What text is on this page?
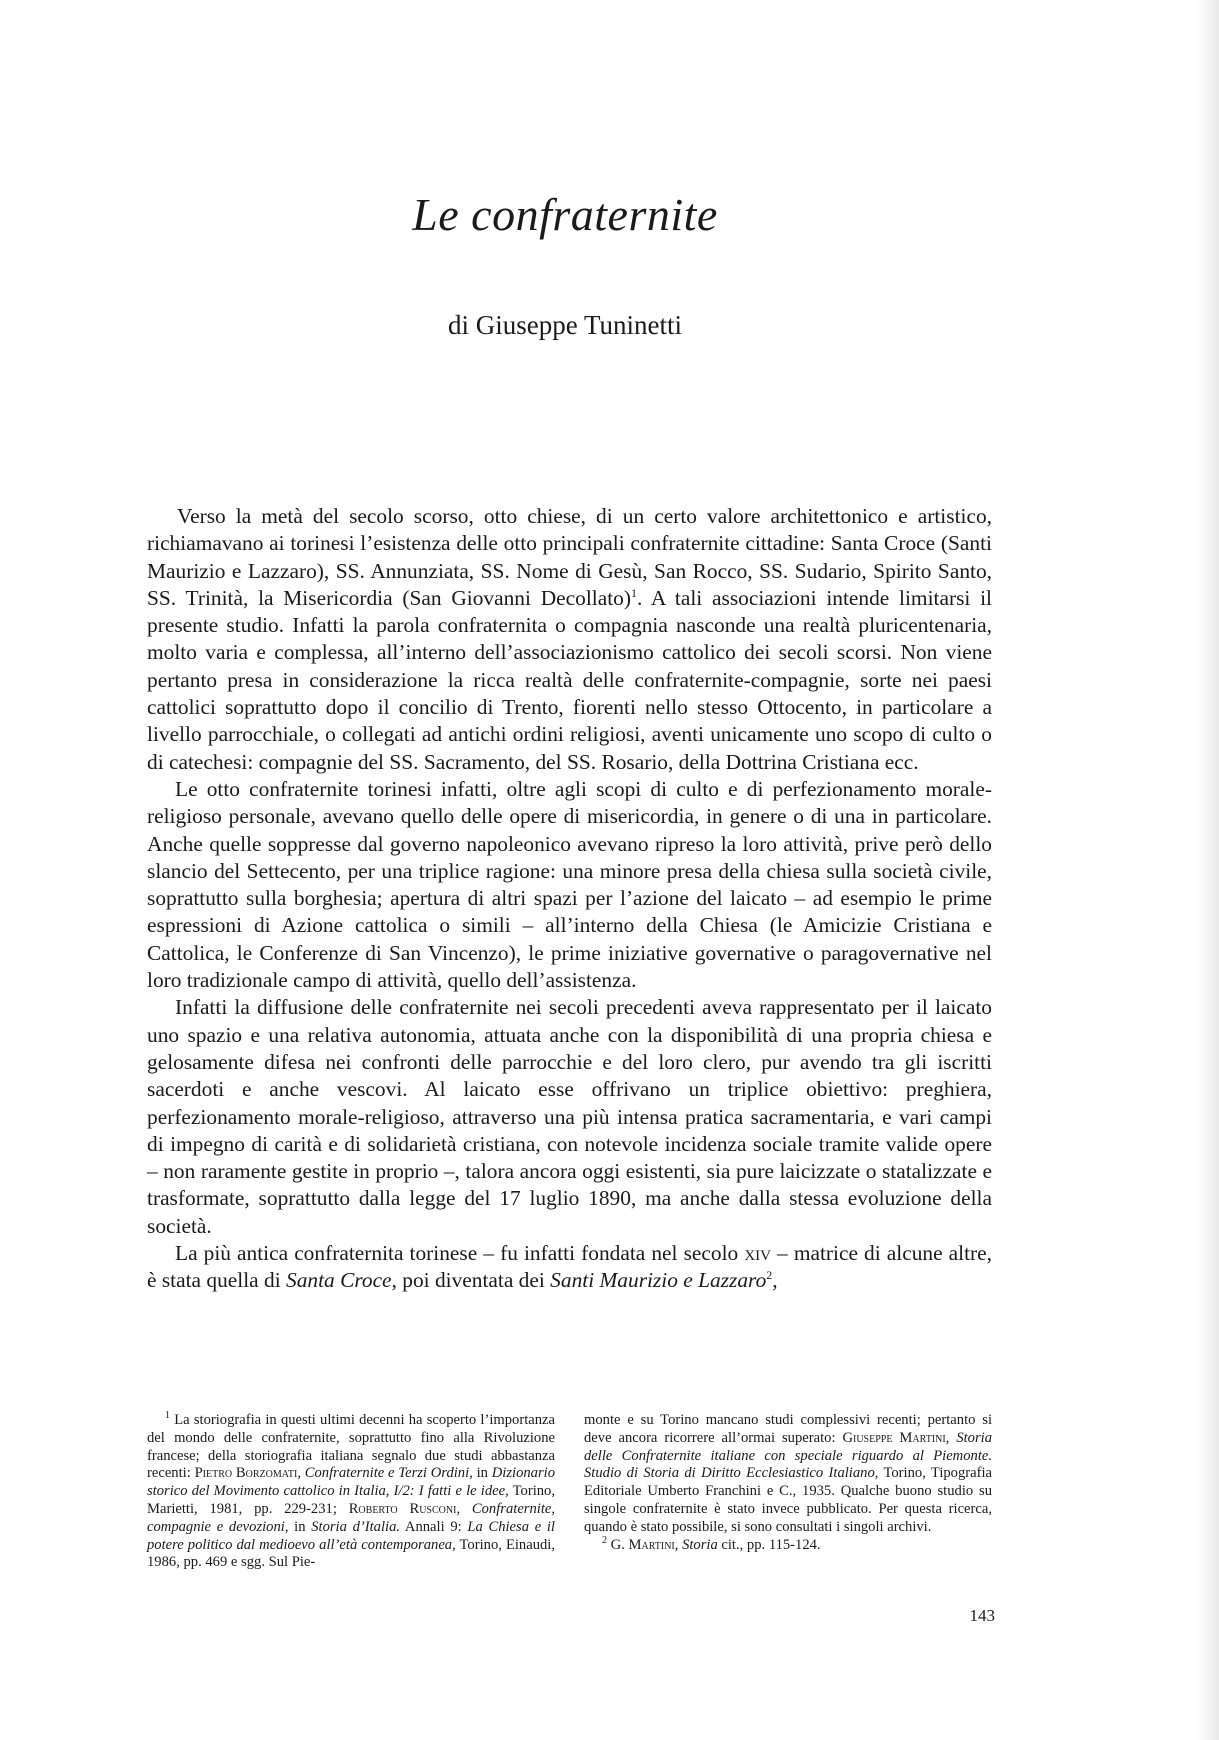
Le confraternite
di Giuseppe Tuninetti

Verso la metà del secolo scorso, otto chiese, di un certo valore architettonico e artistico, richiamavano ai torinesi l’esistenza delle otto principali confraternite cittadine: Santa Croce (Santi Maurizio e Lazzaro), SS. Annunziata, SS. Nome di Gesù, San Rocco, SS. Sudario, Spirito Santo, SS. Trinità, la Misericordia (San Giovanni Decollato)$^1$. A tali associazioni intende limitarsi il presente studio. Infatti la parola confraternita o compagnia nasconde una realtà pluricentenaria, molto varia e complessa, all’interno dell’associazionismo cattolico dei secoli scorsi. Non viene pertanto presa in considerazione la ricca realtà delle confraternite-compagnie, sorte nei paesi cattolici soprattutto dopo il concilio di Trento, fiorenti nello stesso Ottocento, in particolare a livello parrocchiale, o collegati ad antichi ordini religiosi, aventi unicamente uno scopo di culto o di catechesi: compagnie del SS. Sacramento, del SS. Rosario, della Dottrina Cristiana ecc.

Le otto confraternite torinesi infatti, oltre agli scopi di culto e di perfezionamento morale-religioso personale, avevano quello delle opere di misericordia, in genere o di una in particolare. Anche quelle soppresse dal governo napoleonico avevano ripreso la loro attività, prive però dello slancio del Settecento, per una triplice ragione: una minore presa della chiesa sulla società civile, soprattutto sulla borghesia; apertura di altri spazi per l’azione del laicato – ad esempio le prime espressioni di Azione cattolica o simili – all’interno della Chiesa (le Amicizie Cristiana e Cattolica, le Conferenze di San Vincenzo), le prime iniziative governative o paragovernative nel loro tradizionale campo di attività, quello dell’assistenza.

Infatti la diffusione delle confraternite nei secoli precedenti aveva rappresentato per il laicato uno spazio e una relativa autonomia, attuata anche con la disponibilità di una propria chiesa e gelosamente difesa nei confronti delle parrocchie e del loro clero, pur avendo tra gli iscritti sacerdoti e anche vescovi. Al laicato esse offrivano un triplice obiettivo: preghiera, perfezionamento morale-religioso, attraverso una più intensa pratica sacramentaria, e vari campi di impegno di carità e di solidarietà cristiana, con notevole incidenza sociale tramite valide opere – non raramente gestite in proprio –, talora ancora oggi esistenti, sia pure laicizzate o statalizzate e trasformate, soprattutto dalla legge del 17 luglio 1890, ma anche dalla stessa evoluzione della società.

La più antica confraternita torinese – fu infatti fondata nel secolo xiv – matrice di alcune altre, è stata quella di Santa Croce, poi diventata dei Santi Maurizio e Lazzaro$^2$,

$^1$ La storiografia in questi ultimi decenni ha scoperto l’importanza del mondo delle confraternite, soprattutto fino alla Rivoluzione francese; della storiografia italiana segnalo due studi abbastanza recenti: Pietro Borzomati, Confraternite e Terzi Ordini, in Dizionario storico del Movimento cattolico in Italia, I/2: I fatti e le idee, Torino, Marietti, 1981, pp. 229-231; Roberto Rusconi, Confraternite, compagnie e devozioni, in Storia d’Italia. Annali 9: La Chiesa e il potere politico dal medioevo all’età contemporanea, Torino, Einaudi, 1986, pp. 469 e sgg. Sul Pie-

monte e su Torino mancano studi complessivi recenti; pertanto si deve ancora ricorrere all’ormai superato: Giuseppe Martini, Storia delle Confraternite italiane con speciale riguardo al Piemonte. Studio di Storia di Diritto Ecclesiastico Italiano, Torino, Tipografia Editoriale Umberto Franchini e C., 1935. Qualche buono studio su singole confraternite è stato invece pubblicato. Per questa ricerca, quando è stato possibile, si sono consultati i singoli archivi.

$^2$ G. Martini, Storia cit., pp. 115-124.

143
